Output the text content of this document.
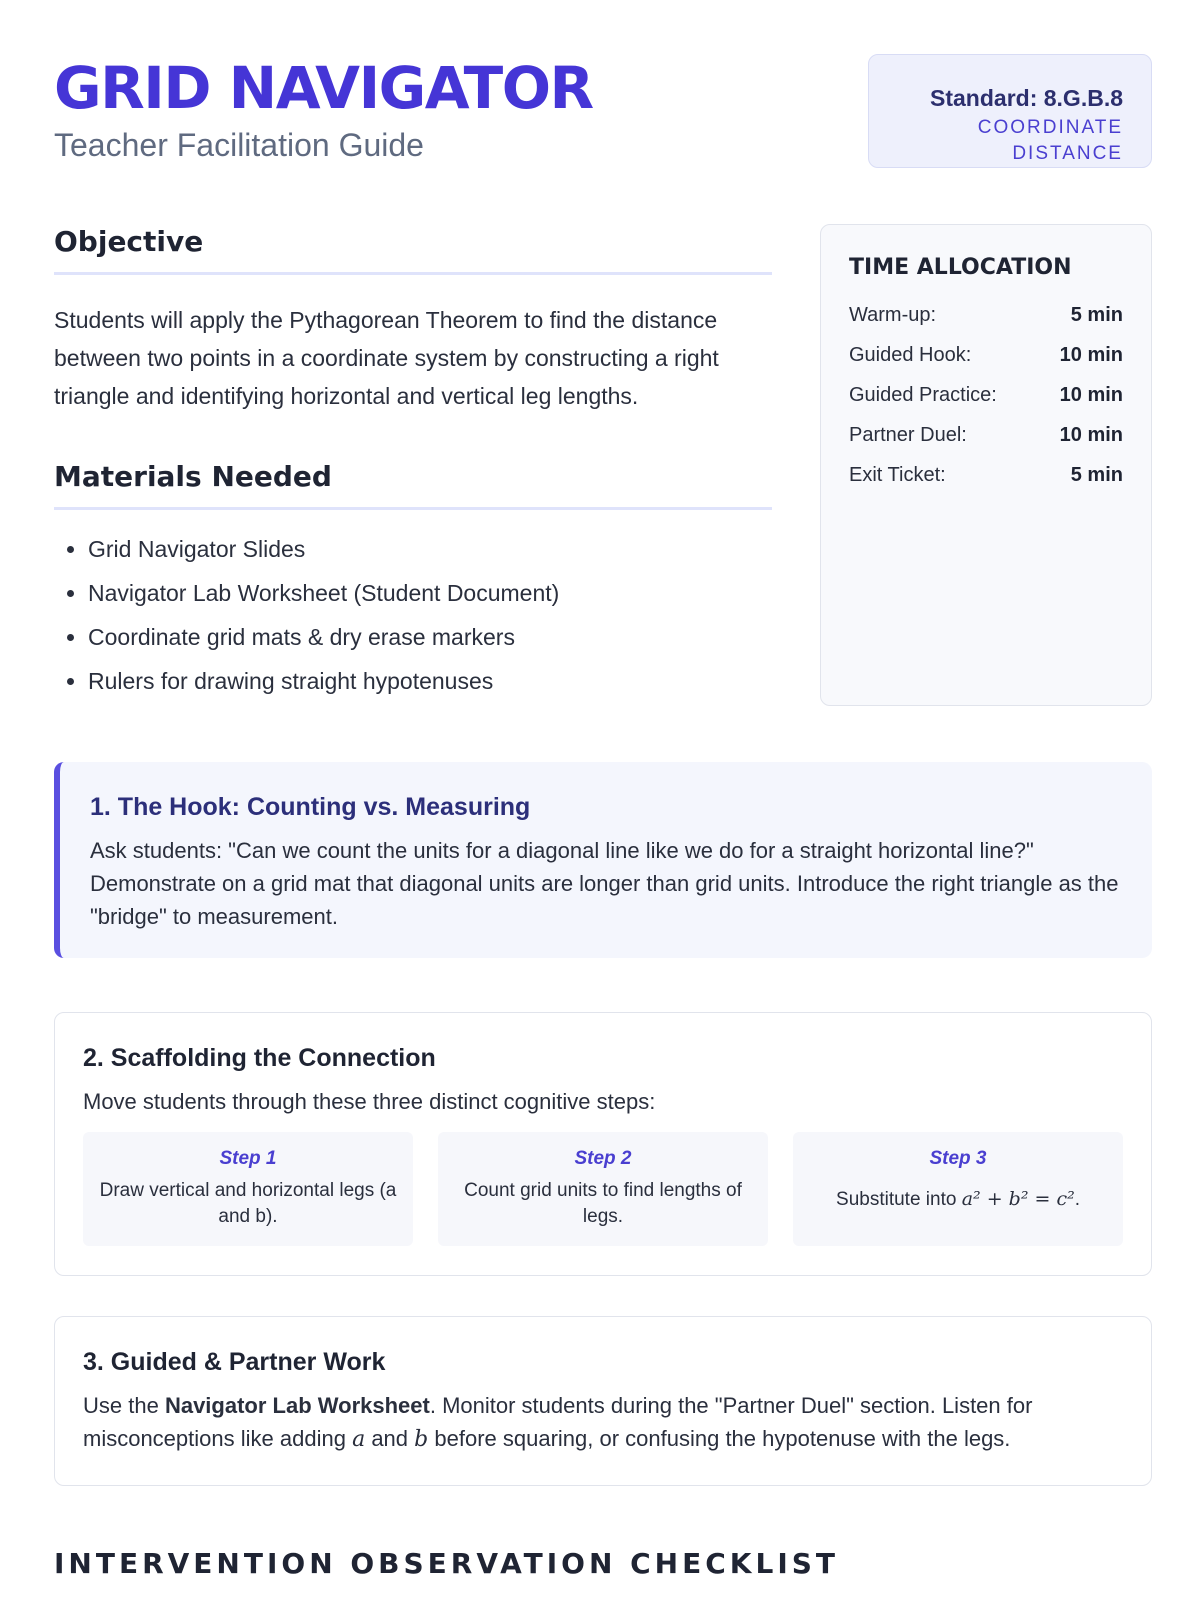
GRID NAVIGATOR
Teacher Facilitation Guide
Standard: 8.G.B.8
COORDINATE DISTANCE
Objective

Students will apply the Pythagorean Theorem to find the distance between two points in a coordinate system by constructing a right triangle and identifying horizontal and vertical leg lengths.

Materials Needed
• Grid Navigator Slides
• Navigator Lab Worksheet (Student Document)
• Coordinate grid mats & dry erase markers
• Rulers for drawing straight hypotenuses
TIME ALLOCATION
Warm-up:	5 min
Guided Hook:	10 min
Guided Practice:	10 min
Partner Duel:	10 min
Exit Ticket:	5 min
1. The Hook: Counting vs. Measuring

Ask students: "Can we count the units for a diagonal line like we do for a straight horizontal line?" Demonstrate on a grid mat that diagonal units are longer than grid units. Introduce the right triangle as the "bridge" to measurement.

2. Scaffolding the Connection

Move students through these three distinct cognitive steps:

Step 1
Draw vertical and horizontal legs (a and b).
Step 2
Count grid units to find lengths of legs.
Step 3
Substitute into a² + b² = c².
3. Guided & Partner Work

Use the Navigator Lab Worksheet. Monitor students during the "Partner Duel" section. Listen for misconceptions like adding a and b before squaring, or confusing the hypotenuse with the legs.

INTERVENTION OBSERVATION CHECKLIST
